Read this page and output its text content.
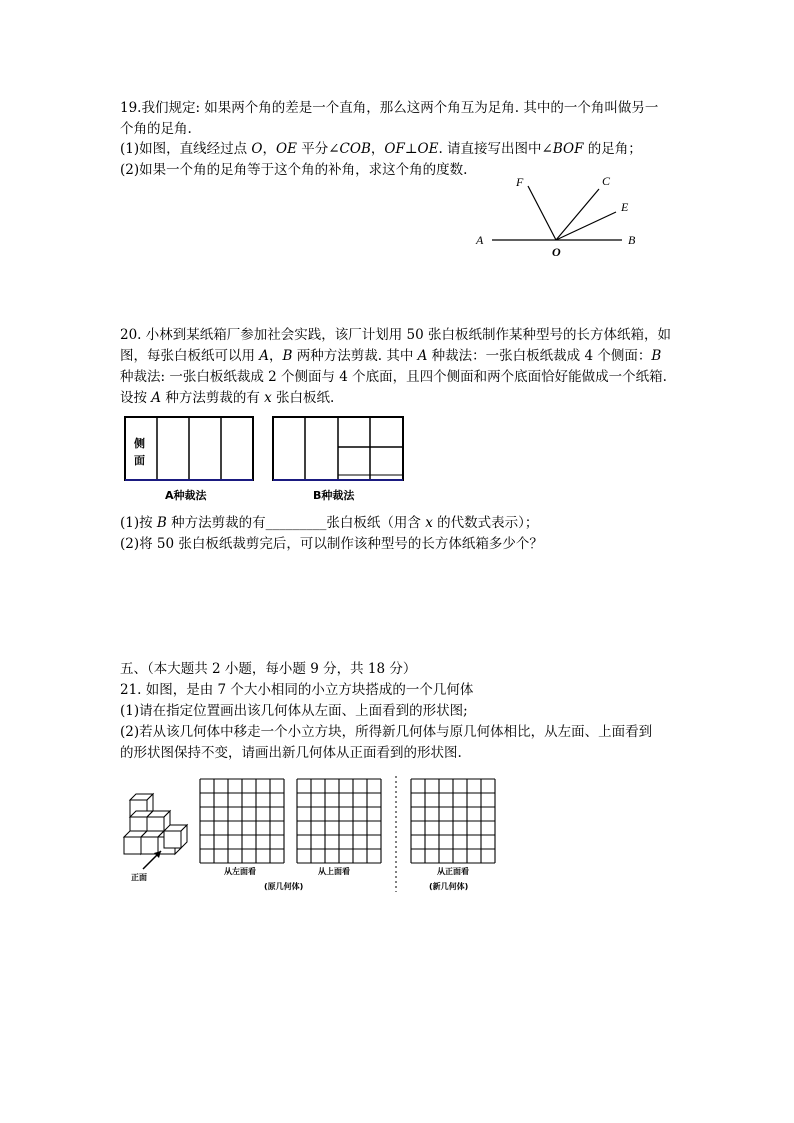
19.我们规定: 如果两个角的差是一个直角，那么这两个角互为足角. 其中的一个角叫做另一
个角的足角.
(1)如图，直线经过点 O，OE 平分∠COB，OF⊥OE. 请直接写出图中∠BOF 的足角；
(2)如果一个角的足角等于这个角的补角，求这个角的度数.
A	B
O
F	C
E
20. 小林到某纸箱厂参加社会实践，该厂计划用 50 张白板纸制作某种型号的长方体纸箱，如
图，每张白板纸可以用 A，B 两种方法剪裁. 其中 A 种裁法：一张白板纸裁成 4 个侧面：B
种裁法: 一张白板纸裁成 2 个侧面与 4 个底面，且四个侧面和两个底面恰好能做成一个纸箱.
设按 A 种方法剪裁的有 x 张白板纸.
侧
面
A种裁法	B种裁法
(1)按 B 种方法剪裁的有_________张白板纸（用含 x 的代数式表示）；
(2)将 50 张白板纸裁剪完后，可以制作该种型号的长方体纸箱多少个？
五、（本大题共 2 小题，每小题 9 分，共 18 分）
21. 如图，是由 7 个大小相同的小立方块搭成的一个几何体
(1)请在指定位置画出该几何体从左面、上面看到的形状图;
(2)若从该几何体中移走一个小立方块，所得新几何体与原几何体相比，从左面、上面看到
的形状图保持不变，请画出新几何体从正面看到的形状图.
正面
从左面看	从上面看
(原几何体)
从正面看
(新几何体)
